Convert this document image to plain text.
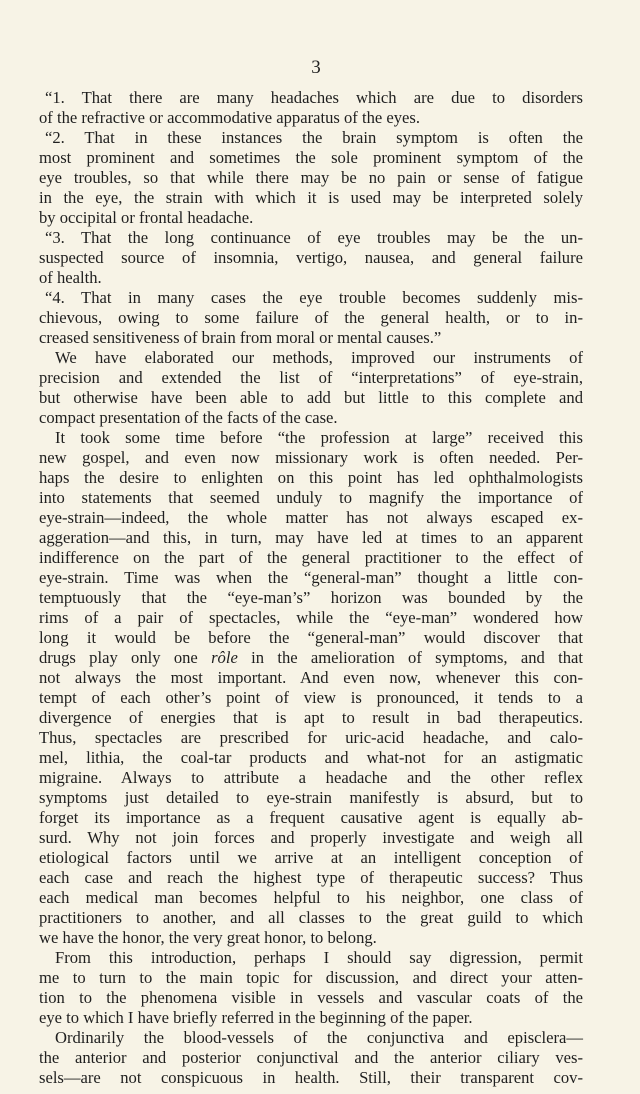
3
“1. That there are many headaches which are due to disorders
of the refractive or accommodative apparatus of the eyes.
“2. That in these instances the brain symptom is often the
most prominent and sometimes the sole prominent symptom of the
eye troubles, so that while there may be no pain or sense of fatigue
in the eye, the strain with which it is used may be interpreted solely
by occipital or frontal headache.
“3. That the long continuance of eye troubles may be the un-
suspected source of insomnia, vertigo, nausea, and general failure
of health.
“4. That in many cases the eye trouble becomes suddenly mis-
chievous, owing to some failure of the general health, or to in-
creased sensitiveness of brain from moral or mental causes.”
We have elaborated our methods, improved our instruments of
precision and extended the list of “interpretations” of eye-strain,
but otherwise have been able to add but little to this complete and
compact presentation of the facts of the case.
It took some time before “the profession at large” received this
new gospel, and even now missionary work is often needed. Per-
haps the desire to enlighten on this point has led ophthalmologists
into statements that seemed unduly to magnify the importance of
eye-strain—indeed, the whole matter has not always escaped ex-
aggeration—and this, in turn, may have led at times to an apparent
indifference on the part of the general practitioner to the effect of
eye-strain. Time was when the “general-man” thought a little con-
temptuously that the “eye-man’s” horizon was bounded by the
rims of a pair of spectacles, while the “eye-man” wondered how
long it would be before the “general-man” would discover that
drugs play only one rôle in the amelioration of symptoms, and that
not always the most important. And even now, whenever this con-
tempt of each other’s point of view is pronounced, it tends to a
divergence of energies that is apt to result in bad therapeutics.
Thus, spectacles are prescribed for uric-acid headache, and calo-
mel, lithia, the coal-tar products and what-not for an astigmatic
migraine. Always to attribute a headache and the other reflex
symptoms just detailed to eye-strain manifestly is absurd, but to
forget its importance as a frequent causative agent is equally ab-
surd. Why not join forces and properly investigate and weigh all
etiological factors until we arrive at an intelligent conception of
each case and reach the highest type of therapeutic success? Thus
each medical man becomes helpful to his neighbor, one class of
practitioners to another, and all classes to the great guild to which
we have the honor, the very great honor, to belong.
From this introduction, perhaps I should say digression, permit
me to turn to the main topic for discussion, and direct your atten-
tion to the phenomena visible in vessels and vascular coats of the
eye to which I have briefly referred in the beginning of the paper.
Ordinarily the blood-vessels of the conjunctiva and episclera—
the anterior and posterior conjunctival and the anterior ciliary ves-
sels—are not conspicuous in health. Still, their transparent cov-
